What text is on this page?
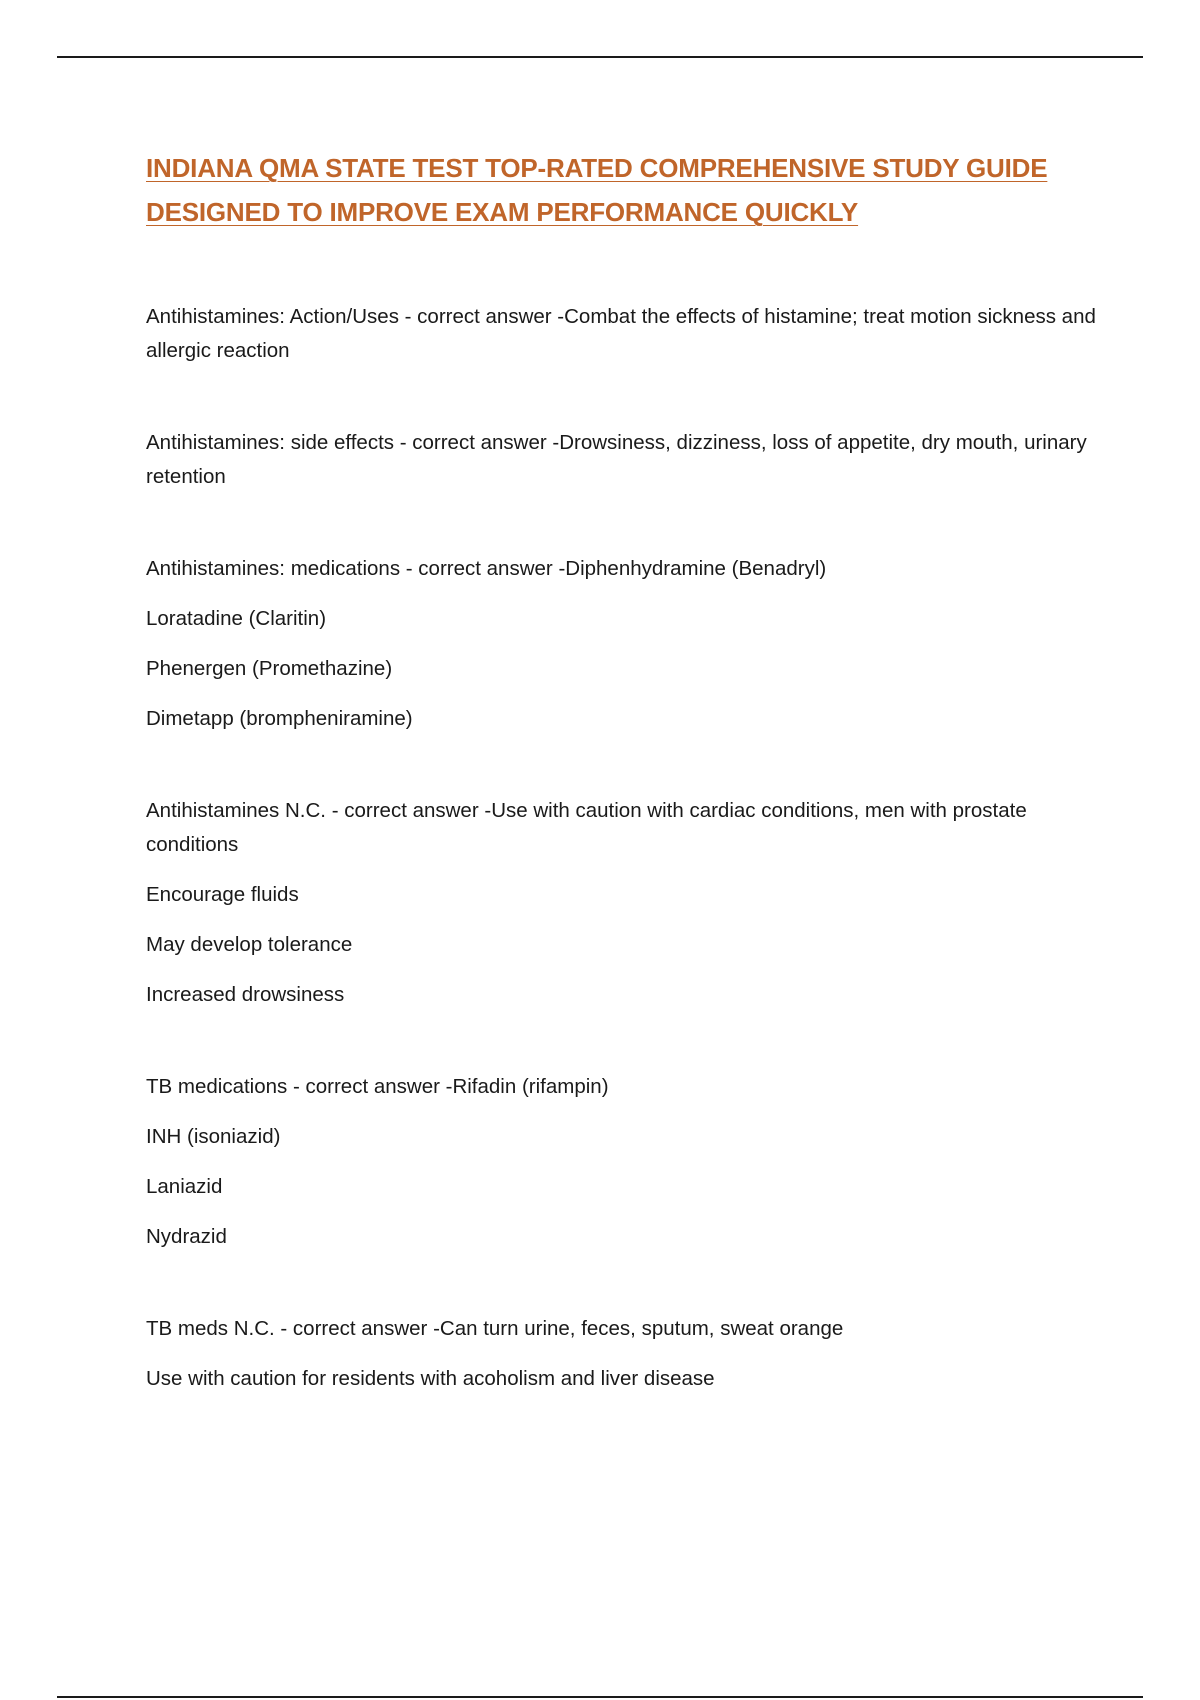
INDIANA QMA STATE TEST TOP-RATED COMPREHENSIVE STUDY GUIDE
DESIGNED TO IMPROVE EXAM PERFORMANCE QUICKLY

Antihistamines: Action/Uses - correct answer -Combat the effects of histamine; treat motion sickness and allergic reaction

Antihistamines: side effects - correct answer -Drowsiness, dizziness, loss of appetite, dry mouth, urinary retention

Antihistamines: medications - correct answer -Diphenhydramine (Benadryl)

Loratadine (Claritin)

Phenergen (Promethazine)

Dimetapp (brompheniramine)

Antihistamines N.C. - correct answer -Use with caution with cardiac conditions, men with prostate conditions

Encourage fluids

May develop tolerance

Increased drowsiness

TB medications - correct answer -Rifadin (rifampin)

INH (isoniazid)

Laniazid

Nydrazid

TB meds N.C. - correct answer -Can turn urine, feces, sputum, sweat orange

Use with caution for residents with acoholism and liver disease
